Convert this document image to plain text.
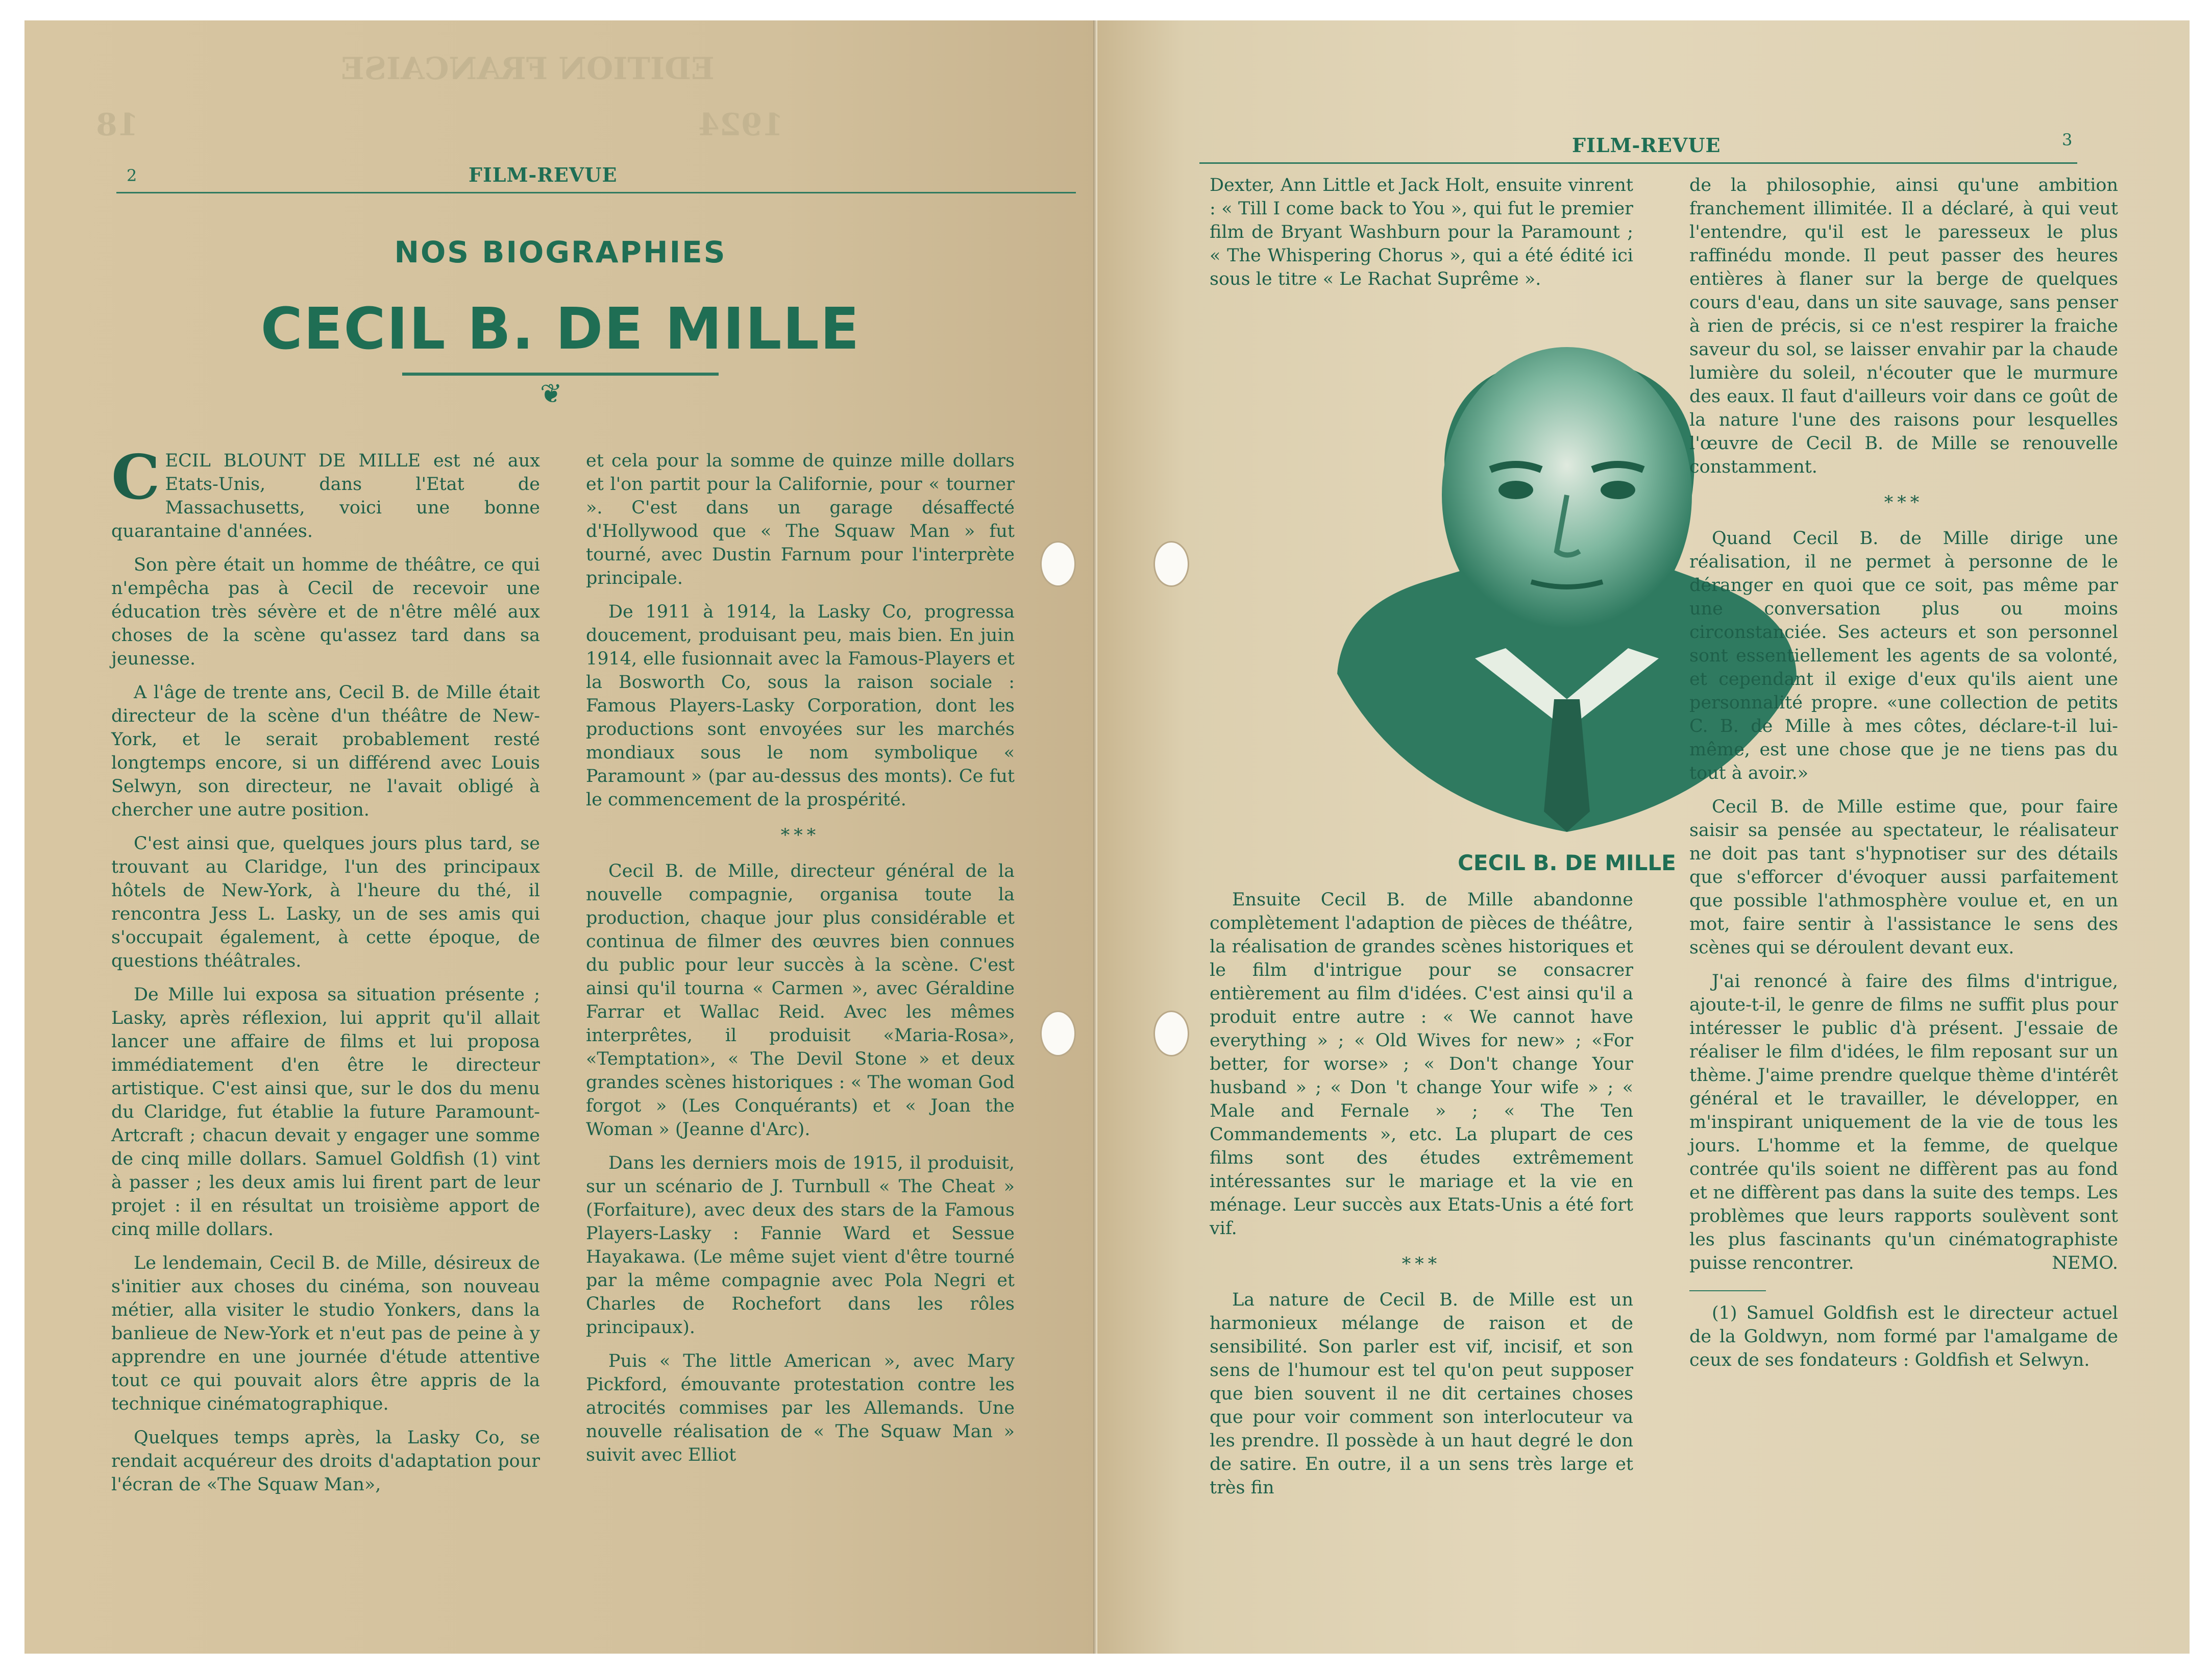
EDITION FRANCAISE
1924
18
2	FILM-REVUE
NOS BIOGRAPHIES
CECIL B. DE MILLE
❦

CECIL BLOUNT DE MILLE est né aux Etats-Unis, dans l'Etat de Massachusetts, voici une bonne quarantaine d'années.

Son père était un homme de théâtre, ce qui n'empêcha pas à Cecil de recevoir une éducation très sévère et de n'être mêlé aux choses de la scène qu'assez tard dans sa jeunesse.

A l'âge de trente ans, Cecil B. de Mille était directeur de la scène d'un théâtre de New-York, et le serait probablement resté longtemps encore, si un différend avec Louis Selwyn, son directeur, ne l'avait obligé à chercher une autre position.

C'est ainsi que, quelques jours plus tard, se trouvant au Claridge, l'un des principaux hôtels de New-York, à l'heure du thé, il rencontra Jess L. Lasky, un de ses amis qui s'occupait également, à cette époque, de questions théâtrales.

De Mille lui exposa sa situation présente ; Lasky, après réflexion, lui apprit qu'il allait lancer une affaire de films et lui proposa immédiatement d'en être le directeur artistique. C'est ainsi que, sur le dos du menu du Claridge, fut établie la future Paramount-Artcraft ; chacun devait y engager une somme de cinq mille dollars. Samuel Goldfish (1) vint à passer ; les deux amis lui firent part de leur projet : il en résultat un troisième apport de cinq mille dollars.

Le lendemain, Cecil B. de Mille, désireux de s'initier aux choses du cinéma, son nouveau métier, alla visiter le studio Yonkers, dans la banlieue de New-York et n'eut pas de peine à y apprendre en une journée d'étude attentive tout ce qui pouvait alors être appris de la technique cinématographique.

Quelques temps après, la Lasky Co, se rendait acquéreur des droits d'adaptation pour l'écran de «The Squaw Man»,

et cela pour la somme de quinze mille dollars et l'on partit pour la Californie, pour « tourner ». C'est dans un garage désaffecté d'Hollywood que « The Squaw Man » fut tourné, avec Dustin Farnum pour l'interprète principale.

De 1911 à 1914, la Lasky Co, progressa doucement, produisant peu, mais bien. En juin 1914, elle fusionnait avec la Famous-Players et la Bosworth Co, sous la raison sociale : Famous Players-Lasky Corporation, dont les productions sont envoyées sur les marchés mondiaux sous le nom symbolique « Paramount » (par au-dessus des monts). Ce fut le commencement de la prospérité.

***

Cecil B. de Mille, directeur général de la nouvelle compagnie, organisa toute la production, chaque jour plus considérable et continua de filmer des œuvres bien connues du public pour leur succès à la scène. C'est ainsi qu'il tourna « Carmen », avec Géraldine Farrar et Wallac Reid. Avec les mêmes interprêtes, il produisit «Maria-Rosa», «Temptation», « The Devil Stone » et deux grandes scènes historiques : « The woman God forgot » (Les Conquérants) et « Joan the Woman » (Jeanne d'Arc).

Dans les derniers mois de 1915, il produisit, sur un scénario de J. Turnbull « The Cheat » (Forfaiture), avec deux des stars de la Famous Players-Lasky : Fannie Ward et Sessue Hayakawa. (Le même sujet vient d'être tourné par la même compagnie avec Pola Negri et Charles de Rochefort dans les rôles principaux).

Puis « The little American », avec Mary Pickford, émouvante protestation contre les atrocités commises par les Allemands. Une nouvelle réalisation de « The Squaw Man » suivit avec Elliot

FILM-REVUE	3

Dexter, Ann Little et Jack Holt, ensuite vinrent : « Till I come back to You », qui fut le premier film de Bryant Washburn pour la Paramount ; « The Whispering Chorus », qui a été édité ici sous le titre « Le Rachat Suprême ».

CECIL B. DE MILLE

Ensuite Cecil B. de Mille abandonne complètement l'adaption de pièces de théâtre, la réalisation de grandes scènes historiques et le film d'intrigue pour se consacrer entièrement au film d'idées. C'est ainsi qu'il a produit entre autre : « We cannot have everything » ; « Old Wives for new» ; «For better, for worse» ; « Don't change Your husband » ; « Don 't change Your wife » ; « Male and Fernale » ; « The Ten Commandements », etc. La plupart de ces films sont des études extrêmement intéressantes sur le mariage et la vie en ménage. Leur succès aux Etats-Unis a été fort vif.

***

La nature de Cecil B. de Mille est un harmonieux mélange de raison et de sensibilité. Son parler est vif, incisif, et son sens de l'humour est tel qu'on peut supposer que bien souvent il ne dit certaines choses que pour voir comment son interlocuteur va les prendre. Il possède à un haut degré le don de satire. En outre, il a un sens très large et très fin

de la philosophie, ainsi qu'une ambition franchement illimitée. Il a déclaré, à qui veut l'entendre, qu'il est le paresseux le plus raffinédu monde. Il peut passer des heures entières à flaner sur la berge de quelques cours d'eau, dans un site sauvage, sans penser à rien de précis, si ce n'est respirer la fraiche saveur du sol, se laisser envahir par la chaude lumière du soleil, n'écouter que le murmure des eaux. Il faut d'ailleurs voir dans ce goût de la nature l'une des raisons pour lesquelles l'œuvre de Cecil B. de Mille se renouvelle constamment.

***

Quand Cecil B. de Mille dirige une réalisation, il ne permet à personne de le déranger en quoi que ce soit, pas même par une conversation plus ou moins circonstanciée. Ses acteurs et son personnel sont essentiellement les agents de sa volonté, et cependant il exige d'eux qu'ils aient une personnalité propre. «une collection de petits C. B. de Mille à mes côtes, déclare-t-il lui-même, est une chose que je ne tiens pas du tout à avoir.»

Cecil B. de Mille estime que, pour faire saisir sa pensée au spectateur, le réalisateur ne doit pas tant s'hypnotiser sur des détails que s'efforcer d'évoquer aussi parfaitement que possible l'athmosphère voulue et, en un mot, faire sentir à l'assistance le sens des scènes qui se déroulent devant eux.

J'ai renoncé à faire des films d'intrigue, ajoute-t-il, le genre de films ne suffit plus pour intéresser le public d'à présent. J'essaie de réaliser le film d'idées, le film reposant sur un thème. J'aime prendre quelque thème d'intérêt général et le travailler, le développer, en m'inspirant uniquement de la vie de tous les jours. L'homme et la femme, de quelque contrée qu'ils soient ne diffèrent pas au fond et ne diffèrent pas dans la suite des temps. Les problèmes que leurs rapports soulèvent sont les plus fascinants qu'un cinématographiste puisse rencontrer.	NEMO.

(1) Samuel Goldfish est le directeur actuel de la Goldwyn, nom formé par l'amalgame de ceux de ses fondateurs : Goldfish et Selwyn.
